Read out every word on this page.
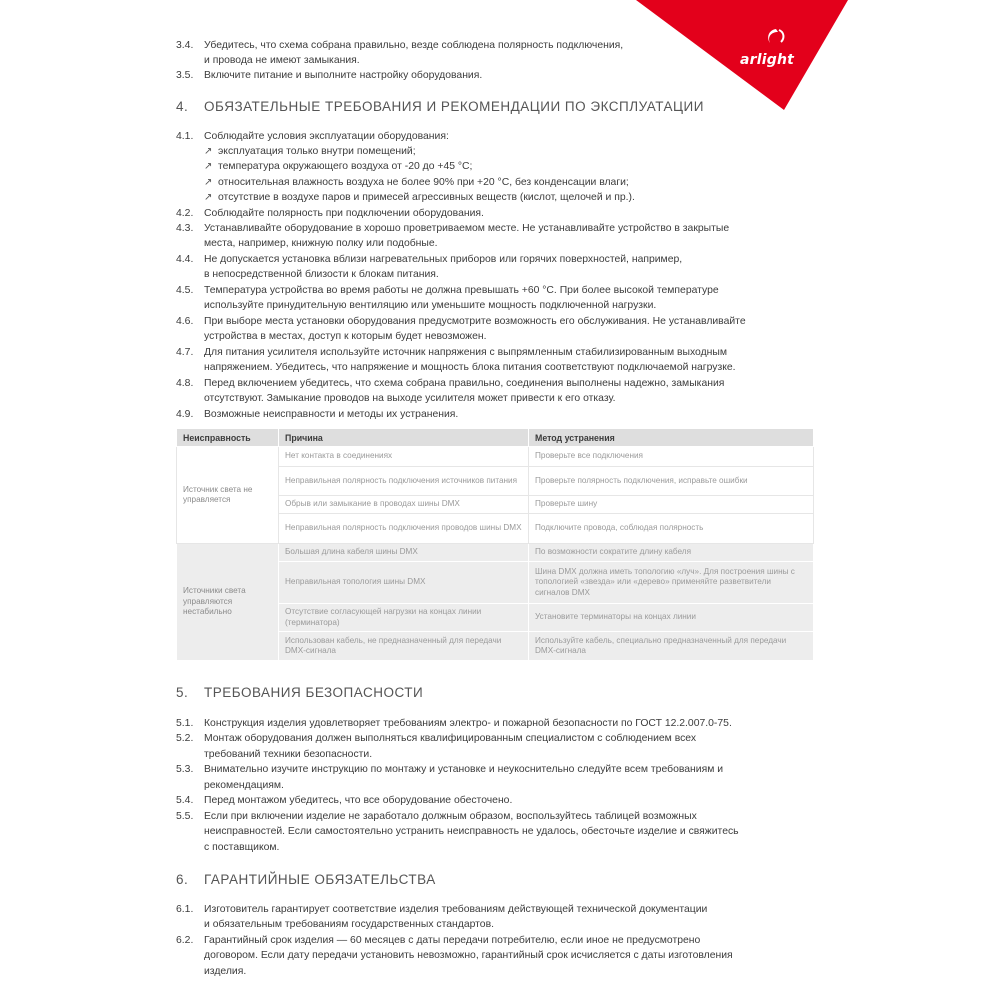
arlight
3.4. Убедитесь, что схема собрана правильно, везде соблюдена полярность подключения,
и провода не имеют замыкания.
3.5. Включите питание и выполните настройку оборудования.
4. ОБЯЗАТЕЛЬНЫЕ ТРЕБОВАНИЯ И РЕКОМЕНДАЦИИ ПО ЭКСПЛУАТАЦИИ
4.1. Соблюдайте условия эксплуатации оборудования:
↗ эксплуатация только внутри помещений;
↗ температура окружающего воздуха от -20 до +45 °C;
↗ относительная влажность воздуха не более 90% при +20 °C, без конденсации влаги;
↗ отсутствие в воздухе паров и примесей агрессивных веществ (кислот, щелочей и пр.).
4.2. Соблюдайте полярность при подключении оборудования.
4.3. Устанавливайте оборудование в хорошо проветриваемом месте. Не устанавливайте устройство в закрытые
места, например, книжную полку или подобные.
4.4. Не допускается установка вблизи нагревательных приборов или горячих поверхностей, например,
в непосредственной близости к блокам питания.
4.5. Температура устройства во время работы не должна превышать +60 °C. При более высокой температуре
используйте принудительную вентиляцию или уменьшите мощность подключенной нагрузки.
4.6. При выборе места установки оборудования предусмотрите возможность его обслуживания. Не устанавливайте
устройства в местах, доступ к которым будет невозможен.
4.7. Для питания усилителя используйте источник напряжения с выпрямленным стабилизированным выходным
напряжением. Убедитесь, что напряжение и мощность блока питания соответствуют подключаемой нагрузке.
4.8. Перед включением убедитесь, что схема собрана правильно, соединения выполнены надежно, замыкания
отсутствуют. Замыкание проводов на выходе усилителя может привести к его отказу.
4.9. Возможные неисправности и методы их устранения.
Неисправность	Причина	Метод устранения
Источник света не управляется	Нет контакта в соединениях	Проверьте все подключения
	Неправильная полярность подключения источников питания	Проверьте полярность подключения, исправьте ошибки
	Обрыв или замыкание в проводах шины DMX	Проверьте шину
	Неправильная полярность подключения проводов шины DMX	Подключите провода, соблюдая полярность
Источники света управляются нестабильно	Большая длина кабеля шины DMX	По возможности сократите длину кабеля
	Неправильная топология шины DMX	Шина DMX должна иметь топологию «луч». Для построения шины с топологией «звезда» или «дерево» применяйте разветвители сигналов DMX
	Отсутствие согласующей нагрузки на концах линии (терминатора)	Установите терминаторы на концах линии
	Использован кабель, не предназначенный для передачи DMX-сигнала	Используйте кабель, специально предназначенный для передачи DMX-сигнала
5. ТРЕБОВАНИЯ БЕЗОПАСНОСТИ
5.1. Конструкция изделия удовлетворяет требованиям электро- и пожарной безопасности по ГОСТ 12.2.007.0-75.
5.2. Монтаж оборудования должен выполняться квалифицированным специалистом с соблюдением всех
требований техники безопасности.
5.3. Внимательно изучите инструкцию по монтажу и установке и неукоснительно следуйте всем требованиям и
рекомендациям.
5.4. Перед монтажом убедитесь, что все оборудование обесточено.
5.5. Если при включении изделие не заработало должным образом, воспользуйтесь таблицей возможных
неисправностей. Если самостоятельно устранить неисправность не удалось, обесточьте изделие и свяжитесь
с поставщиком.
6. ГАРАНТИЙНЫЕ ОБЯЗАТЕЛЬСТВА
6.1. Изготовитель гарантирует соответствие изделия требованиям действующей технической документации
и обязательным требованиям государственных стандартов.
6.2. Гарантийный срок изделия — 60 месяцев с даты передачи потребителю, если иное не предусмотрено
договором. Если дату передачи установить невозможно, гарантийный срок исчисляется с даты изготовления
изделия.
